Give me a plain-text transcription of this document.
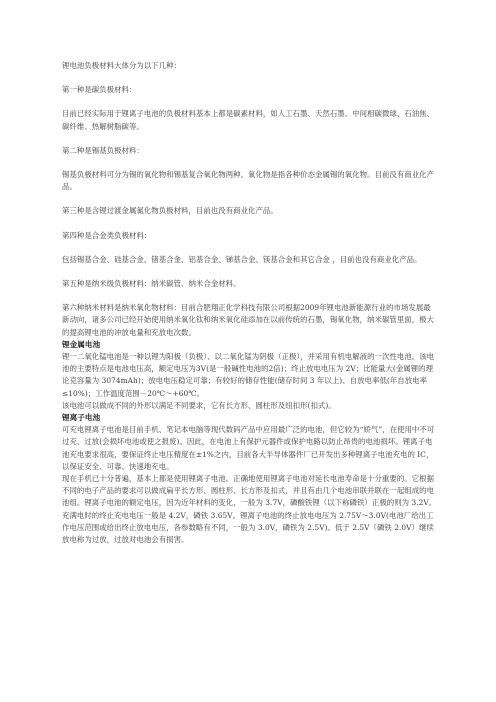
锂电池负极材料大体分为以下几种：

第一种是碳负极材料：

目前已经实际用于锂离子电池的负极材料基本上都是碳素材料，如人工石墨、天然石墨、中间相碳微球、石油焦、碳纤维、热解树脂碳等。

第二种是锡基负极材料：

锡基负极材料可分为锡的氧化物和锡基复合氧化物两种。氧化物是指各种价态金属锡的氧化物。目前没有商业化产品。

第三种是含锂过渡金属氮化物负极材料，目前也没有商业化产品。

第四种是合金类负极材料：

包括锡基合金、硅基合金、锗基合金、铝基合金、锑基合金、镁基合金和其它合金 ，目前也没有商业化产品。

第五种是纳米级负极材料：纳米碳管、纳米合金材料。

第六种纳米材料是纳米氧化物材料：目前合肥翔正化学科技有限公司根据2009年锂电池新能源行业的市场发展最新动向，诸多公司已经开始使用纳米氧化钛和纳米氧化硅添加在以前传统的石墨，锡氧化物，纳米碳管里面，极大的提高锂电池的冲放电量和充放电次数。

锂金属电池

锂一二氧化锰电池是一种以锂为阳极（负极）、以二氧化锰为阴极（正极），并采用有机电解液的一次性电池。该电池的主要特点是电池电压高，额定电压为3V(是一般碱性电池的2倍)；终止放电电压为 2V；比能量大(金属锂的理论克容量为 3074mAh)；放电电压稳定可靠；有较好的储存性能(储存时间 3 年以上)、自放电率低(年自放电率≤10%)；工作温度范围－20℃～+60℃。

该电池可以做成不同的外形以满足不同要求，它有长方形、圆柱形及纽扣形(扣式)。

锂离子电池

可充电锂离子电池是目前手机、笔记本电脑等现代数码产品中应用最广泛的电池，但它较为“娇气”，在使用中不可过充、过放(会损坏电池或使之报废)。因此，在电池上有保护元器件或保护电路以防止昂贵的电池损坏。锂离子电池充电要求很高，要保证终止电压精度在±1%之内，目前各大半导体器件厂已开发出多种锂离子电池充电的 IC，以保证安全、可靠、快速地充电。

现在手机已十分普遍，基本上都是使用锂离子电池。正确地使用锂离子电池对延长电池寿命是十分重要的。它根据不同的电子产品的要求可以做成扁平长方形、圆柱形、长方形及扣式，并且有由几个电池串联并联在一起组成的电池组。锂离子电池的额定电压，因为近年材料的变化，一般为 3.7V，磷酸铁锂（以下称磷铁）正极的则为 3.2V。充满电时的终止充电电压一般是 4.2V，磷铁 3.65V。锂离子电池的终止放电电压为 2.75V～3.0V(电池厂给出工作电压范围或给出终止放电电压，各参数略有不同，一般为 3.0V，磷铁为 2.5V)。低于 2.5V（磷铁 2.0V）继续放电称为过放，过放对电池会有损害。
